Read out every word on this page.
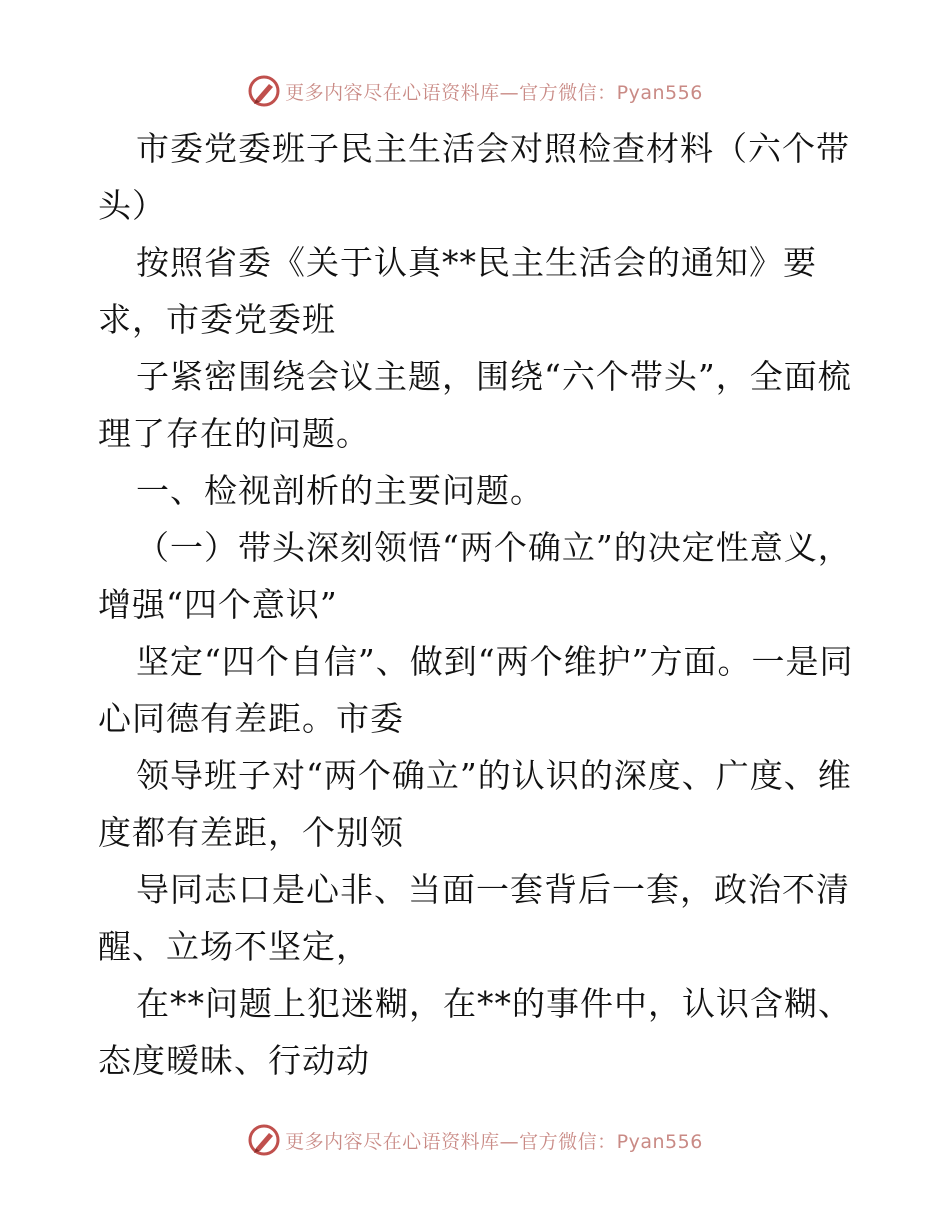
更多内容尽在心语资料库—官方微信：Pyan556

市委党委班子民主生活会对照检查材料（六个带头）

按照省委《关于认真**民主生活会的通知》要求，市委党委班

子紧密围绕会议主题，围绕“六个带头”，全面梳理了存在的问题。

一、检视剖析的主要问题。

（一）带头深刻领悟“两个确立”的决定性意义，增强“四个意识”

坚定“四个自信”、做到“两个维护”方面。一是同心同德有差距。市委

领导班子对“两个确立”的认识的深度、广度、维度都有差距，个别领

导同志口是心非、当面一套背后一套，政治不清醒、立场不坚定，

在**问题上犯迷糊，在**的事件中，认识含糊、态度暧昧、行动动

更多内容尽在心语资料库—官方微信：Pyan556
